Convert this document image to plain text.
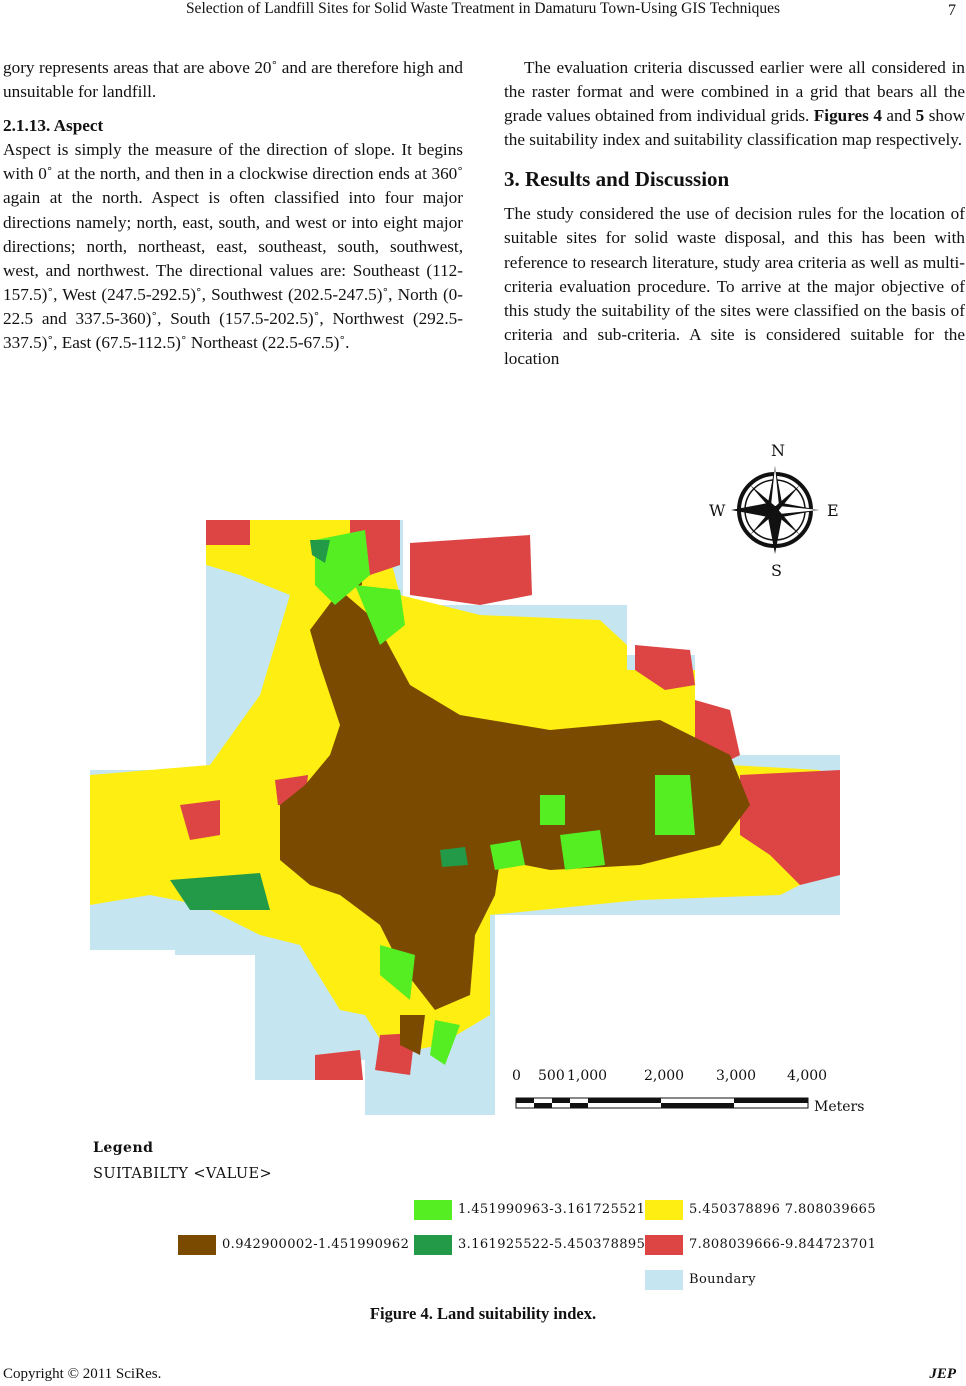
Selection of Landfill Sites for Solid Waste Treatment in Damaturu Town-Using GIS Techniques	7

gory represents areas that are above 20˚ and are therefore high and unsuitable for landfill.

2.1.13. Aspect

Aspect is simply the measure of the direction of slope. It begins with 0˚ at the north, and then in a clockwise direction ends at 360˚ again at the north. Aspect is often classified into four major directions namely; north, east, south, and west or into eight major directions; north, northeast, east, southeast, south, southwest, west, and northwest. The directional values are: Southeast (112-157.5)˚, West (247.5-292.5)˚, Southwest (202.5-247.5)˚, North (0-22.5 and 337.5-360)˚, South (157.5-202.5)˚, Northwest (292.5-337.5)˚, East (67.5-112.5)˚ Northeast (22.5-67.5)˚.

The evaluation criteria discussed earlier were all considered in the raster format and were combined in a grid that bears all the grade values obtained from individual grids. Figures 4 and 5 show the suitability index and suitability classification map respectively.

3. Results and Discussion

The study considered the use of decision rules for the location of suitable sites for solid waste disposal, and this has been with reference to research literature, study area criteria as well as multi-criteria evaluation procedure. To arrive at the major objective of this study the suitability of the sites were classified on the basis of criteria and sub-criteria. A site is considered suitable for the location

N
S
E
W
0 500 1,000	2,000 3,000 4,000
Meters
Legend
SUITABILTY <VALUE>
0.942900002-1.451990962
1.451990963-3.161725521
3.161925522-5.450378895
5.450378896 7.808039665
7.808039666-9.844723701
Boundary
Figure 4. Land suitability index.
Copyright © 2011 SciRes.	JEP
